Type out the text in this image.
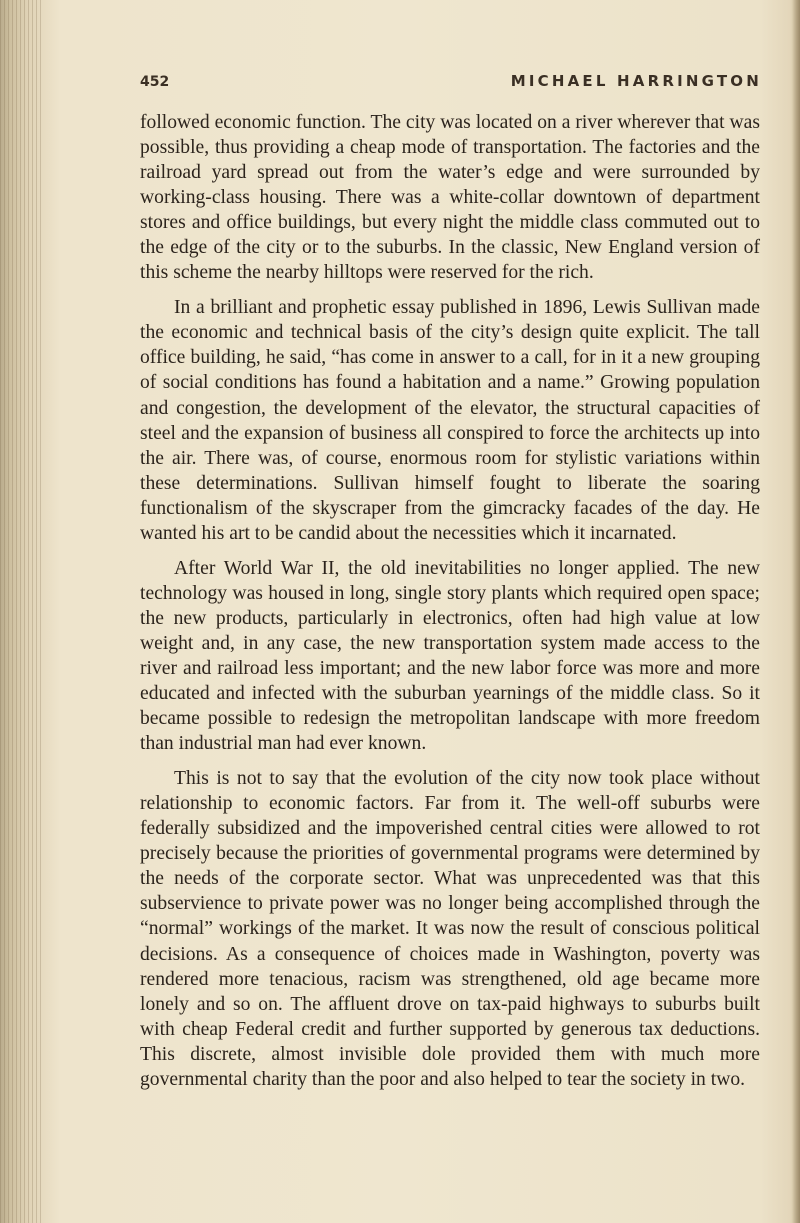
452	MICHAEL HARRINGTON

followed economic function. The city was located on a river wherever that was possible, thus providing a cheap mode of transportation. The factories and the railroad yard spread out from the water’s edge and were surrounded by working-class housing. There was a white-collar downtown of department stores and office buildings, but every night the middle class commuted out to the edge of the city or to the suburbs. In the classic, New England version of this scheme the nearby hilltops were reserved for the rich.

In a brilliant and prophetic essay published in 1896, Lewis Sullivan made the economic and technical basis of the city’s design quite explicit. The tall office building, he said, “has come in answer to a call, for in it a new grouping of social conditions has found a habitation and a name.” Growing population and congestion, the development of the elevator, the structural capacities of steel and the expansion of business all conspired to force the architects up into the air. There was, of course, enormous room for stylistic variations within these determinations. Sullivan himself fought to liberate the soaring functionalism of the skyscraper from the gimcracky facades of the day. He wanted his art to be candid about the necessities which it incarnated.

After World War II, the old inevitabilities no longer applied. The new technology was housed in long, single story plants which required open space; the new products, particularly in electronics, often had high value at low weight and, in any case, the new transportation system made access to the river and railroad less important; and the new labor force was more and more educated and infected with the suburban yearnings of the middle class. So it became possible to redesign the metropolitan landscape with more freedom than industrial man had ever known.

This is not to say that the evolution of the city now took place without relationship to economic factors. Far from it. The well-off suburbs were federally subsidized and the impoverished central cities were allowed to rot precisely because the priorities of governmental programs were determined by the needs of the corporate sector. What was unprecedented was that this subservience to private power was no longer being accomplished through the “normal” workings of the market. It was now the result of conscious political decisions. As a consequence of choices made in Washington, poverty was rendered more tenacious, racism was strengthened, old age became more lonely and so on. The affluent drove on tax-paid highways to suburbs built with cheap Federal credit and further supported by generous tax deductions. This discrete, almost invisible dole provided them with much more governmental charity than the poor and also helped to tear the society in two.
